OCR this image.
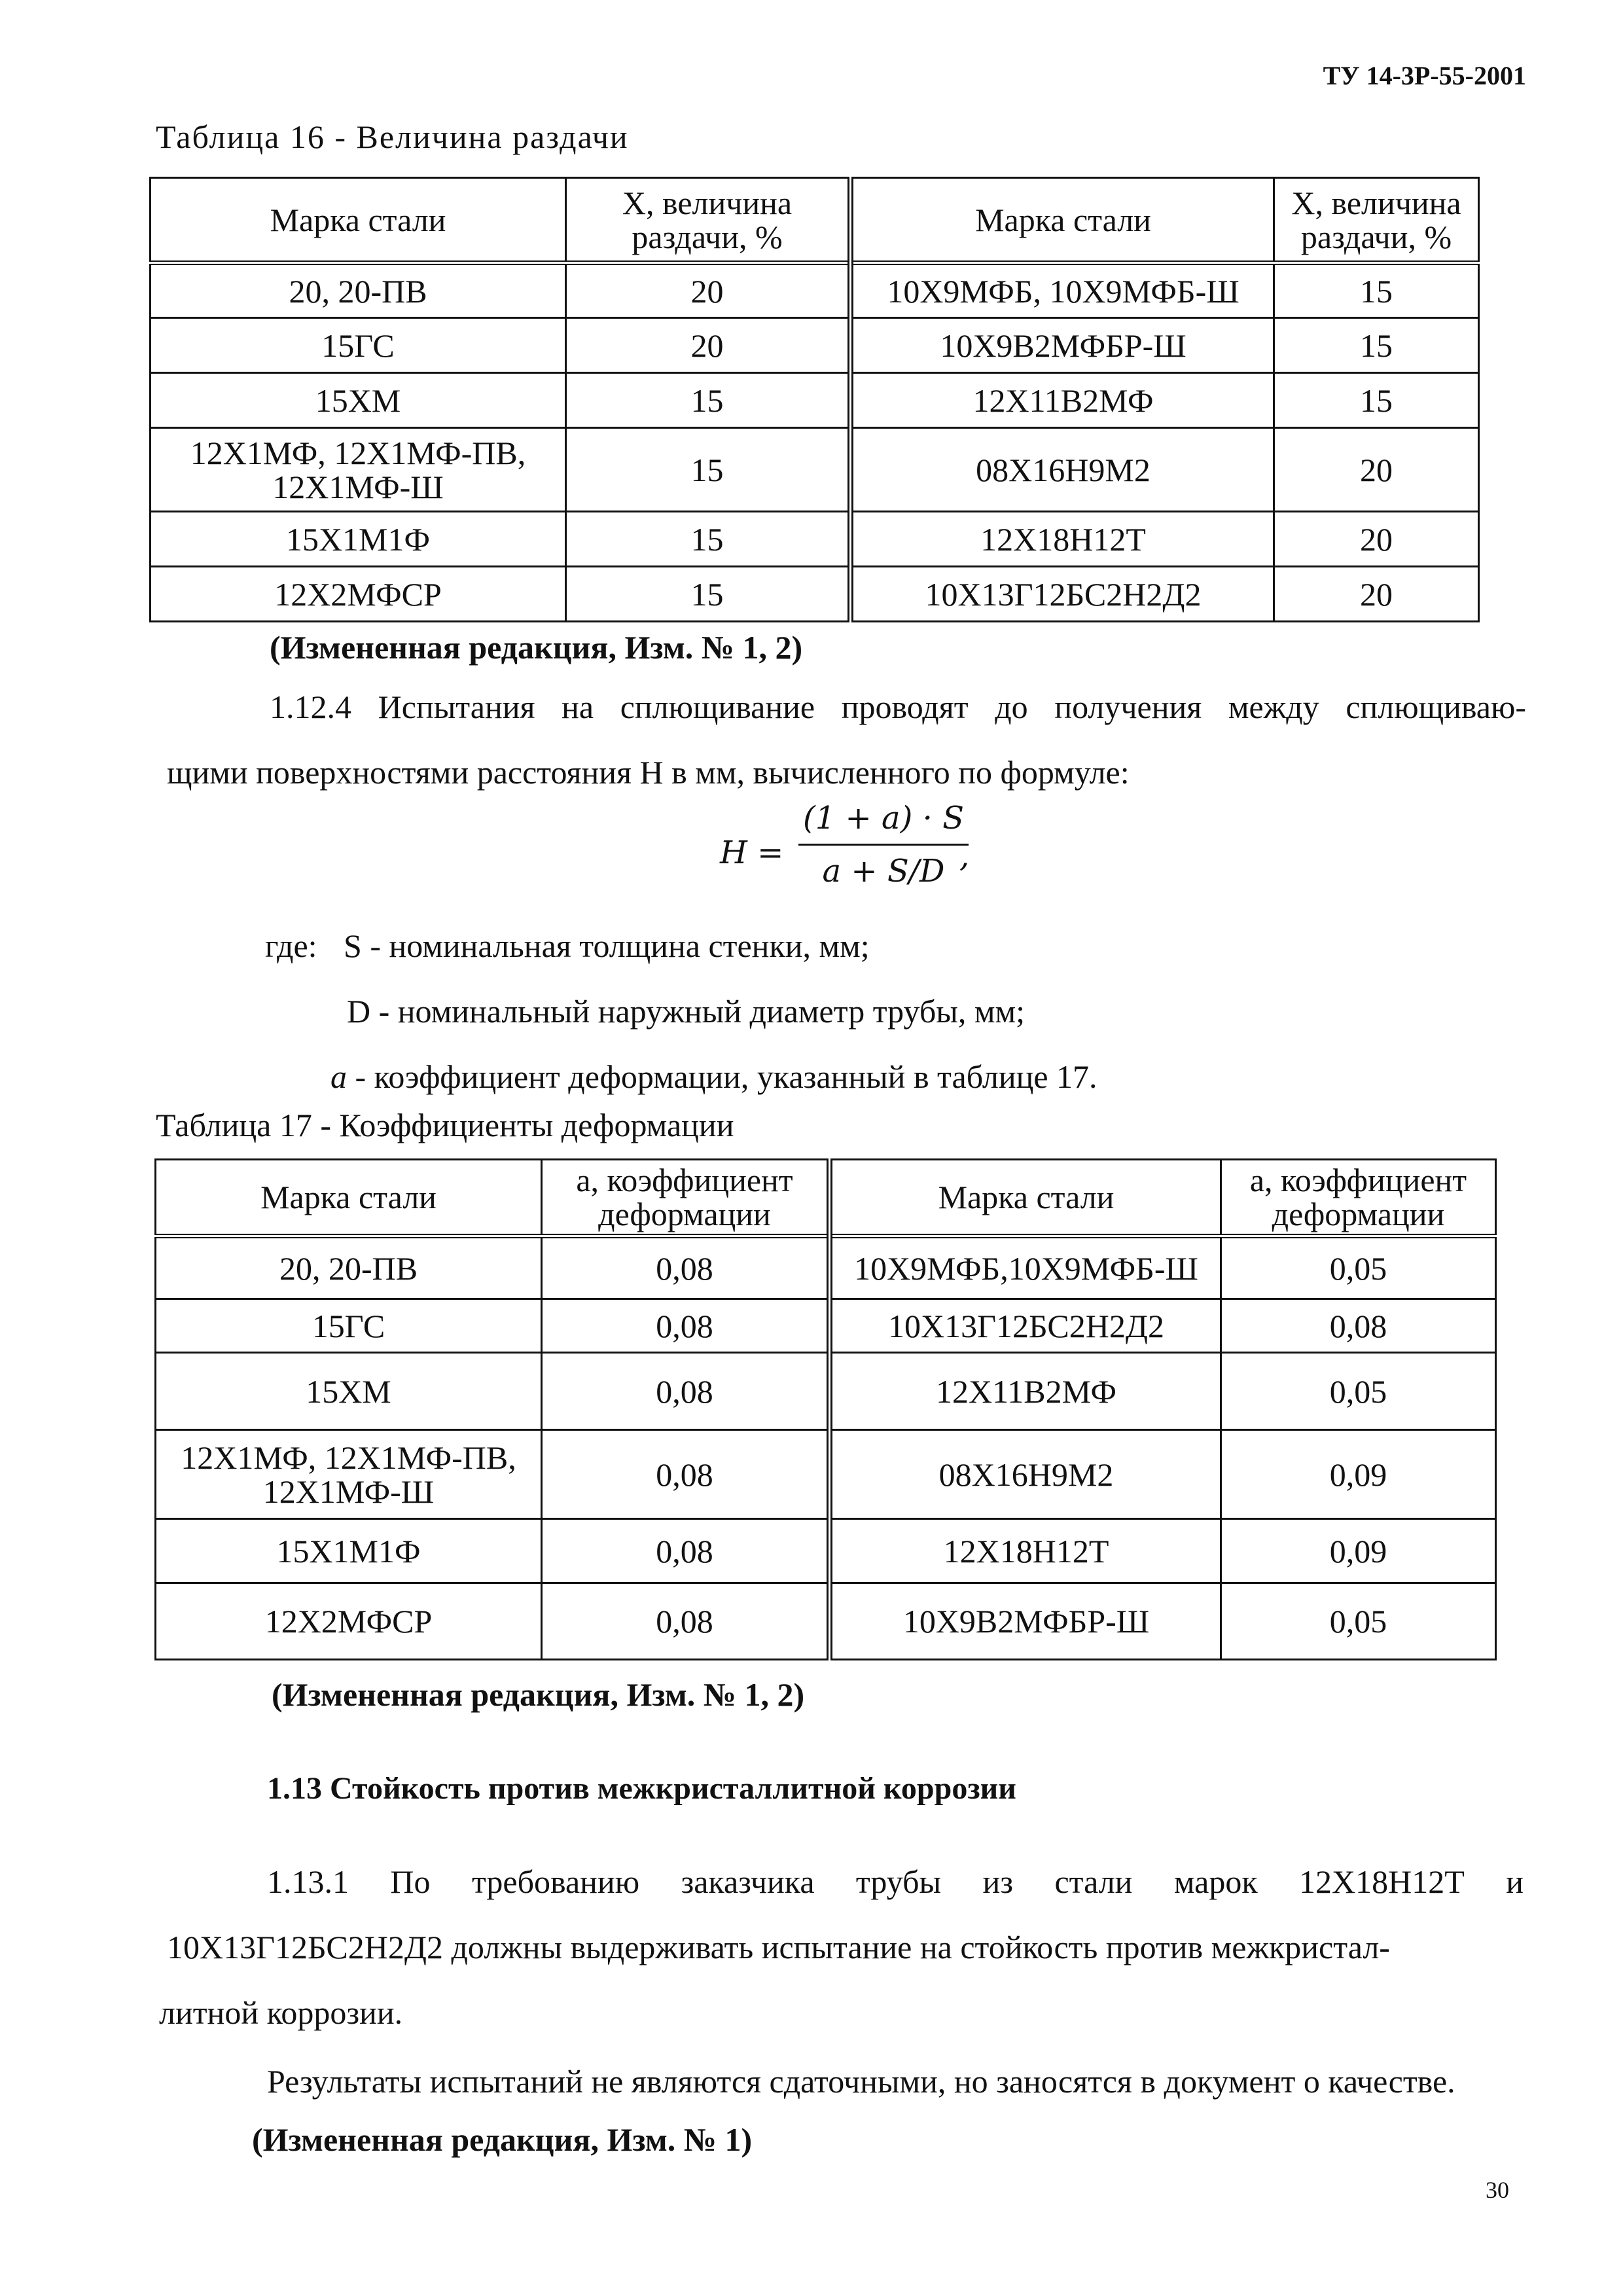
ТУ 14-3Р-55-2001
Таблица 16 - Величина раздачи
Марка стали	X, величина раздачи, %	Марка стали	X, величина раздачи, %
20, 20-ПВ	20	10Х9МФБ, 10Х9МФБ-Ш	15
15ГС	20	10Х9В2МФБР-Ш	15
15ХМ	15	12Х11В2МФ	15
12Х1МФ, 12Х1МФ-ПВ, 12Х1МФ-Ш	15	08Х16Н9М2	20
15Х1М1Ф	15	12Х18Н12Т	20
12Х2МФСР	15	10Х13Г12БС2Н2Д2	20
(Измененная редакция, Изм. № 1, 2)
1.12.4 Испытания на сплющивание проводят до получения между сплющиваю-
щими поверхностями расстояния Н в мм, вычисленного по формуле:
H =
(1 + a) · S
a + S/D ,
где: S - номинальная толщина стенки, мм;
D - номинальный наружный диаметр трубы, мм;
a - коэффициент деформации, указанный в таблице 17.
Таблица 17 - Коэффициенты деформации
Марка стали	a, коэффициент деформации	Марка стали	a, коэффициент деформации
20, 20-ПВ	0,08	10Х9МФБ,10Х9МФБ-Ш	0,05
15ГС	0,08	10Х13Г12БС2Н2Д2	0,08
15ХМ	0,08	12Х11В2МФ	0,05
12Х1МФ, 12Х1МФ-ПВ, 12Х1МФ-Ш	0,08	08Х16Н9М2	0,09
15Х1М1Ф	0,08	12Х18Н12Т	0,09
12Х2МФСР	0,08	10Х9В2МФБР-Ш	0,05
(Измененная редакция, Изм. № 1, 2)
1.13 Стойкость против межкристаллитной коррозии
1.13.1 По требованию заказчика трубы из стали марок 12Х18Н12Т и
10Х13Г12БС2Н2Д2 должны выдерживать испытание на стойкость против межкристал-
литной коррозии.
Результаты испытаний не являются сдаточными, но заносятся в документ о качестве.
(Измененная редакция, Изм. № 1)
30
